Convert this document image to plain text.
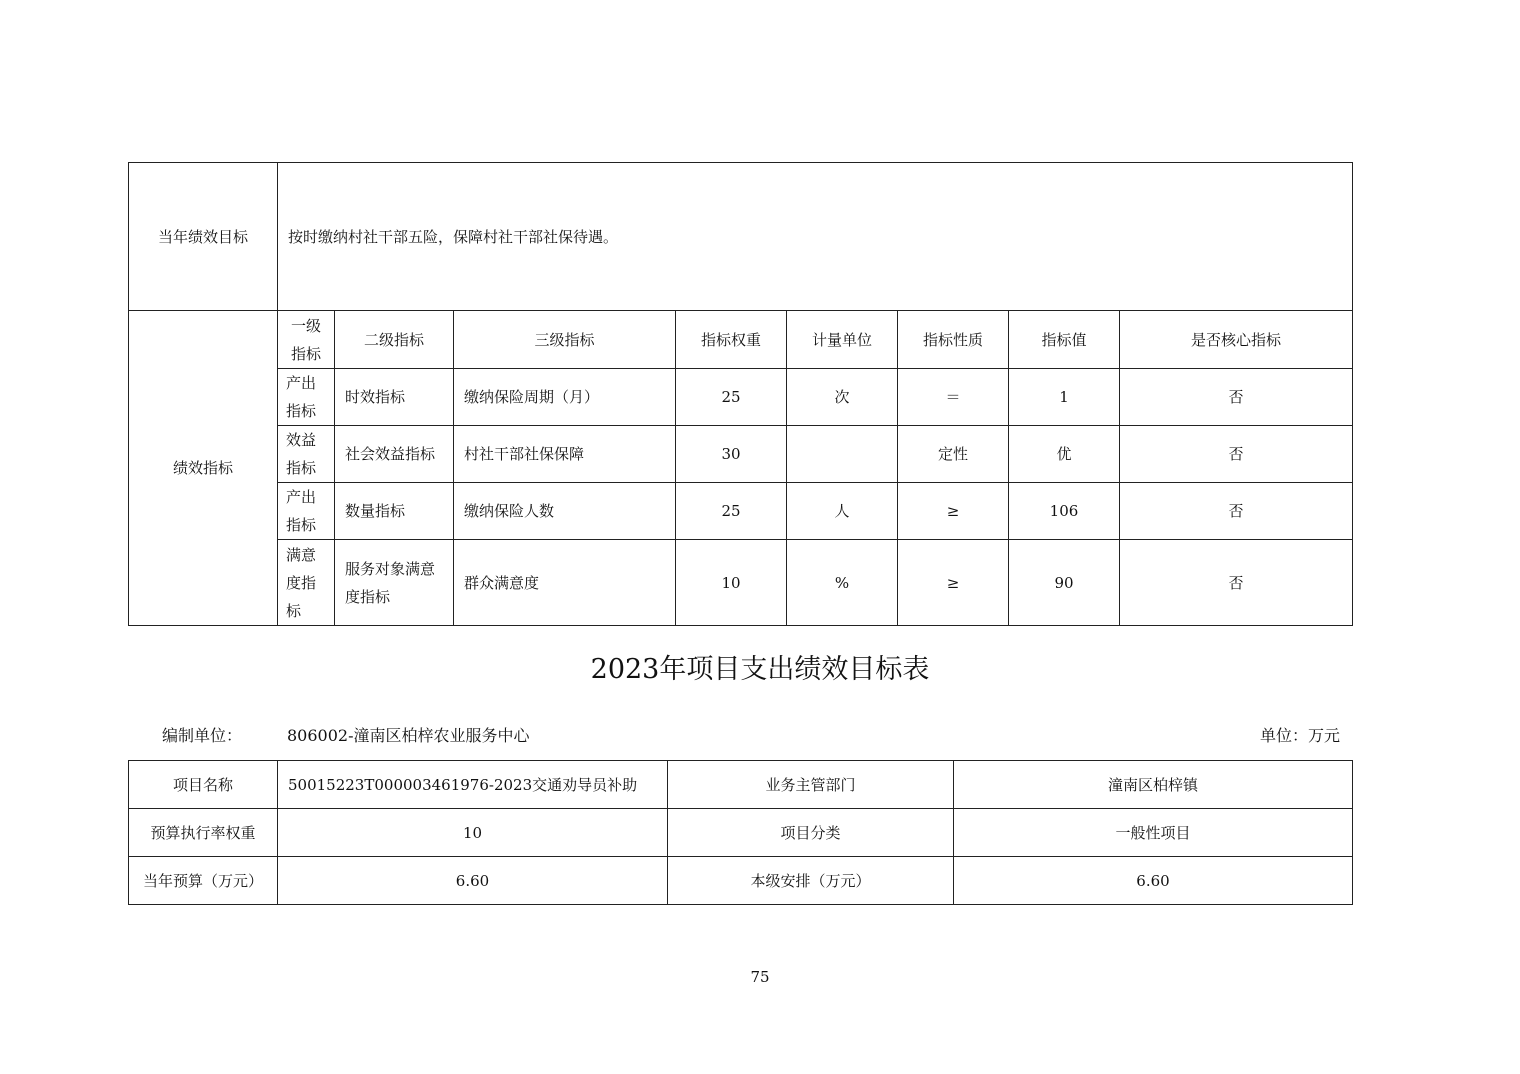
当年绩效目标	按时缴纳村社干部五险，保障村社干部社保待遇。							
绩效指标	一级指标	二级指标	三级指标	指标权重	计量单位	指标性质	指标值	是否核心指标
	产出指标	时效指标	缴纳保险周期（月）	25	次	＝	1	否
	效益指标	社会效益指标	村社干部社保保障	30		定性	优	否
	产出指标	数量指标	缴纳保险人数	25	人	≥	106	否
	满意度指标	服务对象满意度指标	群众满意度	10	%	≥	90	否
2023年项目支出绩效目标表
编制单位：	806002-潼南区柏梓农业服务中心	单位：万元
项目名称	50015223T000003461976-2023交通劝导员补助	业务主管部门	潼南区柏梓镇
预算执行率权重	10	项目分类	一般性项目
当年预算（万元）	6.60	本级安排（万元）	6.60
75
